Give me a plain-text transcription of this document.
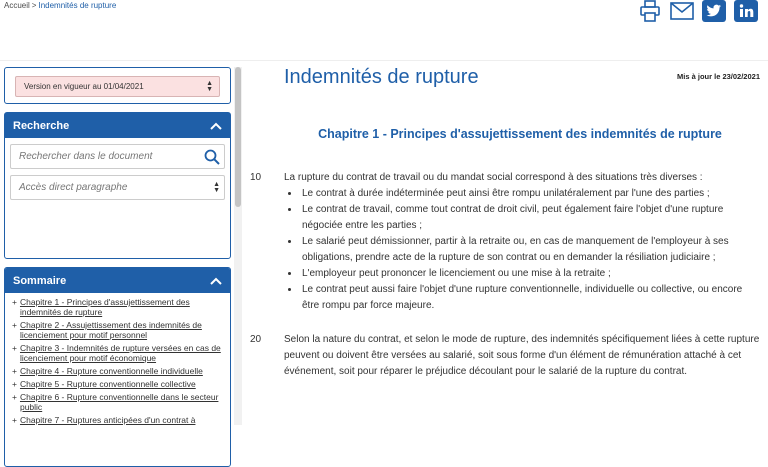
Accueil > Indemnités de rupture
Version en vigueur au 01/04/2021	▲
▼
Recherche
Rechercher dans le document
Accès direct paragraphe	▲
▼
Sommaire
+ Chapitre 1 - Principes d'assujettissement des indemnités de rupture
+ Chapitre 2 - Assujettissement des indemnités de licenciement pour motif personnel
+ Chapitre 3 - Indemnités de rupture versées en cas de licenciement pour motif économique
+ Chapitre 4 - Rupture conventionnelle individuelle
+ Chapitre 5 - Rupture conventionnelle collective
+ Chapitre 6 - Rupture conventionnelle dans le secteur public
+ Chapitre 7 - Ruptures anticipées d'un contrat à
Indemnités de rupture	Mis à jour le 23/02/2021
Chapitre 1 - Principes d'assujettissement des indemnités de rupture
10	La rupture du contrat de travail ou du mandat social correspond à des situations très diverses :
• Le contrat à durée indéterminée peut ainsi être rompu unilatéralement par l'une des parties ;
• Le contrat de travail, comme tout contrat de droit civil, peut également faire l'objet d'une rupture négociée entre les parties ;
• Le salarié peut démissionner, partir à la retraite ou, en cas de manquement de l'employeur à ses obligations, prendre acte de la rupture de son contrat ou en demander la résiliation judiciaire ;
• L'employeur peut prononcer le licenciement ou une mise à la retraite ;
• Le contrat peut aussi faire l'objet d'une rupture conventionnelle, individuelle ou collective, ou encore être rompu par force majeure.
20	Selon la nature du contrat, et selon le mode de rupture, des indemnités spécifiquement liées à cette rupture peuvent ou doivent être versées au salarié, soit sous forme d'un élément de rémunération attaché à cet événement, soit pour réparer le préjudice découlant pour le salarié de la rupture du contrat.
